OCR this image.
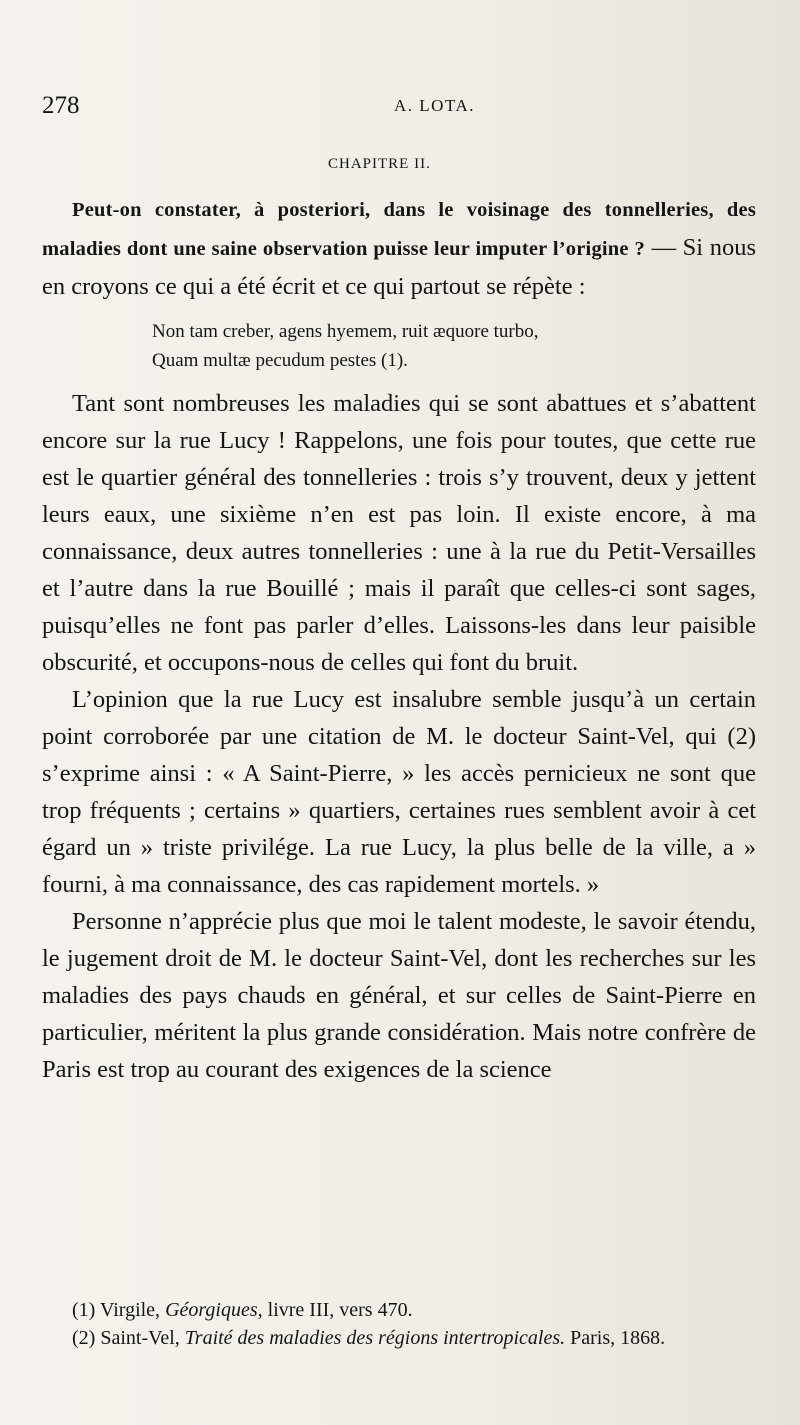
278	A. LOTA.
CHAPITRE II.

Peut-on constater, à posteriori, dans le voisinage des tonnelleries, des maladies dont une saine observation puisse leur imputer l’origine ? — Si nous en croyons ce qui a été écrit et ce qui partout se répète :

Non tam creber, agens hyemem, ruit æquore turbo,
Quam multæ pecudum pestes (1).

Tant sont nombreuses les maladies qui se sont abattues et s’abattent encore sur la rue Lucy ! Rappelons, une fois pour toutes, que cette rue est le quartier général des tonnelleries : trois s’y trouvent, deux y jettent leurs eaux, une sixième n’en est pas loin. Il existe encore, à ma connaissance, deux autres tonnelleries : une à la rue du Petit-Versailles et l’autre dans la rue Bouillé ; mais il paraît que celles-ci sont sages, puisqu’elles ne font pas parler d’elles. Laissons-les dans leur paisible obscurité, et occupons-nous de celles qui font du bruit.

L’opinion que la rue Lucy est insalubre semble jusqu’à un certain point corroborée par une citation de M. le docteur Saint-Vel, qui (2) s’exprime ainsi : « A Saint-Pierre, » les accès pernicieux ne sont que trop fréquents ; certains » quartiers, certaines rues semblent avoir à cet égard un » triste privilége. La rue Lucy, la plus belle de la ville, a » fourni, à ma connaissance, des cas rapidement mortels. »

Personne n’apprécie plus que moi le talent modeste, le savoir étendu, le jugement droit de M. le docteur Saint-Vel, dont les recherches sur les maladies des pays chauds en général, et sur celles de Saint-Pierre en particulier, méritent la plus grande considération. Mais notre confrère de Paris est trop au courant des exigences de la science

(1) Virgile, Géorgiques, livre III, vers 470.

(2) Saint-Vel, Traité des maladies des régions intertropicales. Paris, 1868.
